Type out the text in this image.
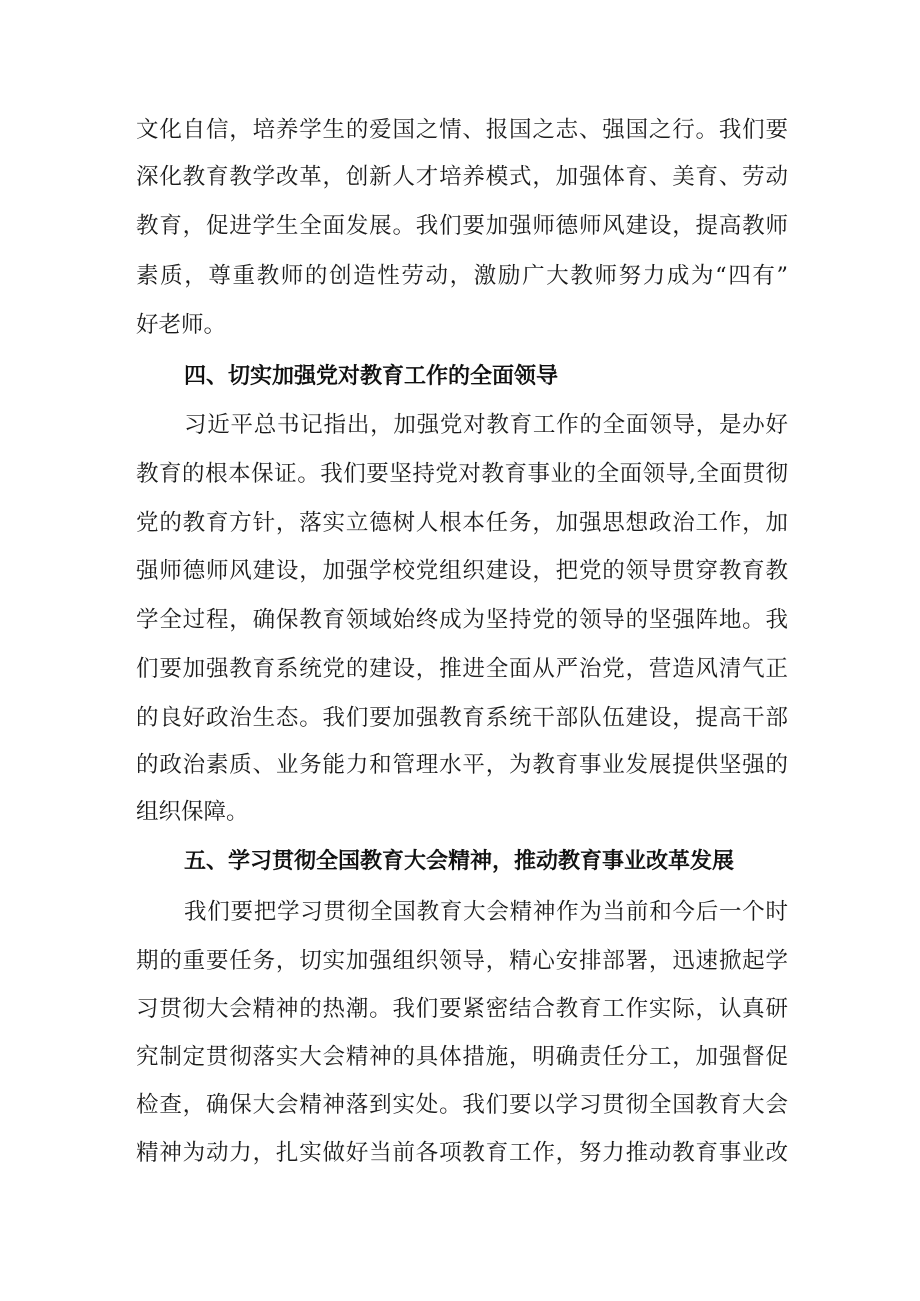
文化自信，培养学生的爱国之情、报国之志、强国之行。我们要
深化教育教学改革，创新人才培养模式，加强体育、美育、劳动
教育，促进学生全面发展。我们要加强师德师风建设，提高教师
素质，尊重教师的创造性劳动，激励广大教师努力成为“四有”
好老师。
四、切实加强党对教育工作的全面领导
习近平总书记指出，加强党对教育工作的全面领导，是办好
教育的根本保证。我们要坚持党对教育事业的全面领导,全面贯彻
党的教育方针，落实立德树人根本任务，加强思想政治工作，加
强师德师风建设，加强学校党组织建设，把党的领导贯穿教育教
学全过程，确保教育领域始终成为坚持党的领导的坚强阵地。我
们要加强教育系统党的建设，推进全面从严治党，营造风清气正
的良好政治生态。我们要加强教育系统干部队伍建设，提高干部
的政治素质、业务能力和管理水平，为教育事业发展提供坚强的
组织保障。
五、学习贯彻全国教育大会精神，推动教育事业改革发展
我们要把学习贯彻全国教育大会精神作为当前和今后一个时
期的重要任务，切实加强组织领导，精心安排部署，迅速掀起学
习贯彻大会精神的热潮。我们要紧密结合教育工作实际，认真研
究制定贯彻落实大会精神的具体措施，明确责任分工，加强督促
检查，确保大会精神落到实处。我们要以学习贯彻全国教育大会
精神为动力，扎实做好当前各项教育工作，努力推动教育事业改
